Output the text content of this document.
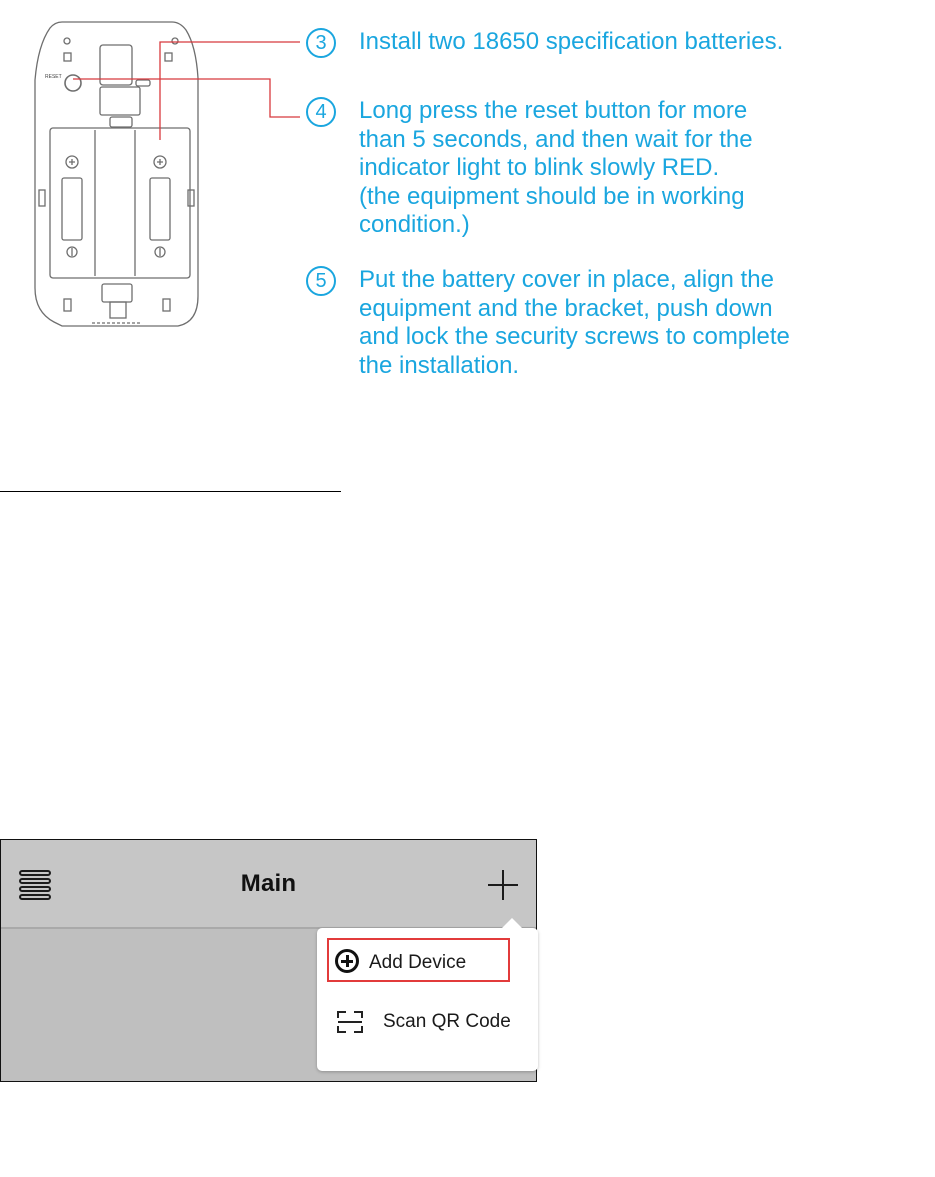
RESET
3	Install two 18650 specification batteries.
4	Long press the reset button for more
than 5 seconds, and then wait for the
indicator light to blink slowly RED.
(the equipment should be in working
condition.)
5	Put the battery cover in place, align the
equipment and the bracket, push down
and lock the security screws to complete
the installation.
Main
Add Device
Scan QR Code
